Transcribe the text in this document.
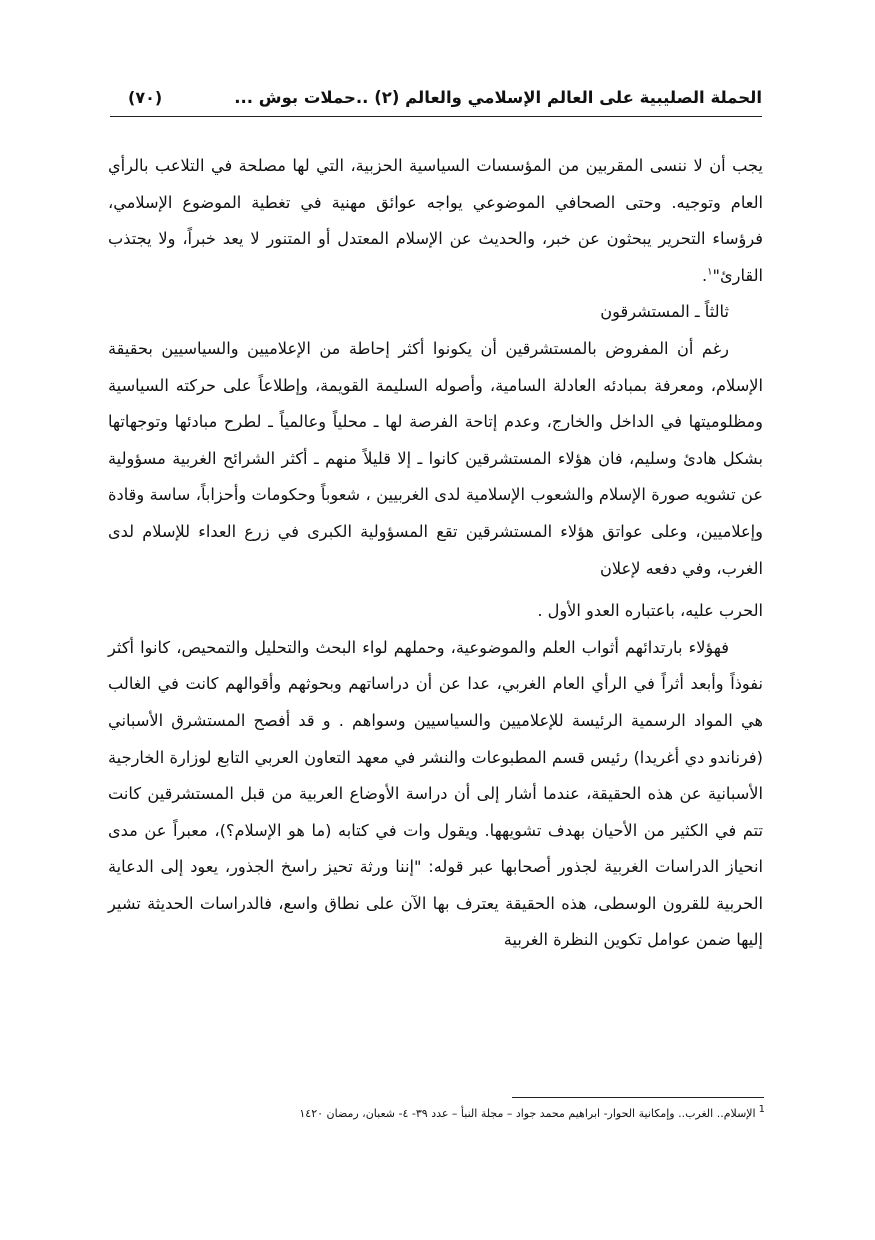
الحملة الصليبية على العالم الإسلامي والعالم (٢) ..حملات بوش ...
(٧٠)

يجب أن لا ننسى المقربين من المؤسسات السياسية الحزبية، التي لها مصلحة في التلاعب بالرأي العام وتوجيه. وحتى الصحافي الموضوعي يواجه عوائق مهنية في تغطية الموضوع الإسلامي، فرؤساء التحرير يبحثون عن خبر، والحديث عن الإسلام المعتدل أو المتنور لا يعد خبراً، ولا يجتذب القارئ"$^١$.

ثالثاً ـ المستشرقون

رغم أن المفروض بالمستشرقين أن يكونوا أكثر إحاطة من الإعلاميين والسياسيين بحقيقة الإسلام، ومعرفة بمبادئه العادلة السامية، وأصوله السليمة القويمة، وإطلاعاً على حركته السياسية ومظلوميتها في الداخل والخارج، وعدم إتاحة الفرصة لها ـ محلياً وعالمياً ـ لطرح مبادئها وتوجهاتها بشكل هادئ وسليم، فان هؤلاء المستشرقين كانوا ـ إلا قليلاً منهم ـ أكثر الشرائح الغربية مسؤولية عن تشويه صورة الإسلام والشعوب الإسلامية لدى الغربيين ، شعوباً وحكومات وأحزاباً، ساسة وقادة وإعلاميين، وعلى عواتق هؤلاء المستشرقين تقع المسؤولية الكبرى في زرع العداء للإسلام لدى الغرب، وفي دفعه لإعلان

الحرب عليه، باعتباره العدو الأول .

فهؤلاء بارتدائهم أثواب العلم والموضوعية، وحملهم لواء البحث والتحليل والتمحيص، كانوا أكثر نفوذاً وأبعد أثراً في الرأي العام الغربي، عدا عن أن دراساتهم وبحوثهم وأقوالهم كانت في الغالب هي المواد الرسمية الرئيسة للإعلاميين والسياسيين وسواهم . و قد أفصح المستشرق الأسباني (فرناندو دي أغريدا) رئيس قسم المطبوعات والنشر في معهد التعاون العربي التابع لوزارة الخارجية الأسبانية عن هذه الحقيقة، عندما أشار إلى أن دراسة الأوضاع العربية من قبل المستشرقين كانت تتم في الكثير من الأحيان بهدف تشويهها. ويقول وات في كتابه (ما هو الإسلام؟)، معبراً عن مدى انحياز الدراسات الغربية لجذور أصحابها عبر قوله: "إننا ورثة تحيز راسخ الجذور، يعود إلى الدعاية الحربية للقرون الوسطى، هذه الحقيقة يعترف بها الآن على نطاق واسع، فالدراسات الحديثة تشير إليها ضمن عوامل تكوين النظرة الغربية

1الإسلام.. الغرب.. وإمكانية الحوار- ابراهيم محمد جواد – مجلة النبأ – عدد ٣٩- ٤- شعبان، رمضان ١٤٢٠
